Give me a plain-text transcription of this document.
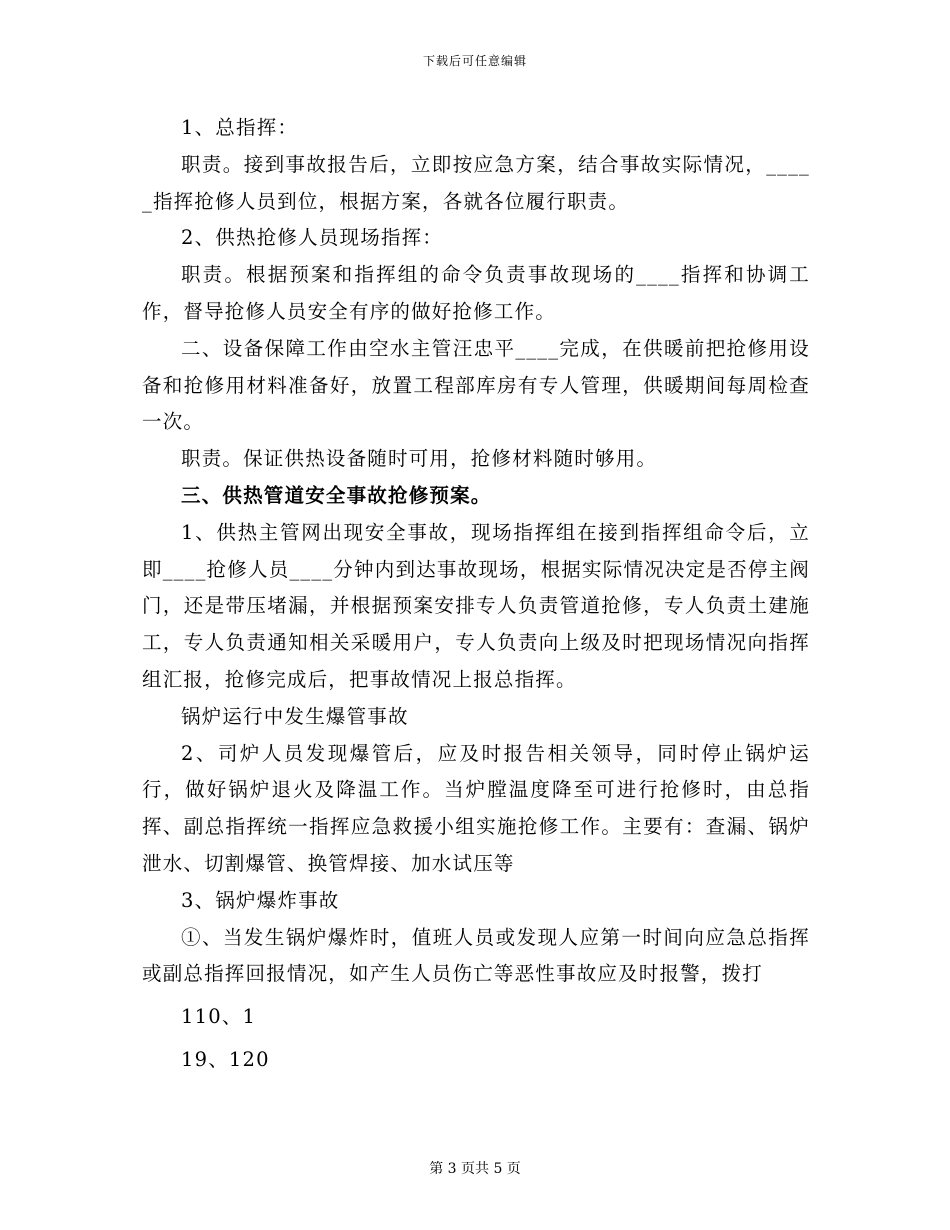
下载后可任意编辑

1、总指挥：

职责。接到事故报告后，立即按应急方案，结合事故实际情况，_____指挥抢修人员到位，根据方案，各就各位履行职责。

2、供热抢修人员现场指挥：

职责。根据预案和指挥组的命令负责事故现场的____指挥和协调工作，督导抢修人员安全有序的做好抢修工作。

二、设备保障工作由空水主管汪忠平____完成，在供暖前把抢修用设备和抢修用材料准备好，放置工程部库房有专人管理，供暖期间每周检查一次。

职责。保证供热设备随时可用，抢修材料随时够用。

三、供热管道安全事故抢修预案。

1、供热主管网出现安全事故，现场指挥组在接到指挥组命令后，立即____抢修人员____分钟内到达事故现场，根据实际情况决定是否停主阀门，还是带压堵漏，并根据预案安排专人负责管道抢修，专人负责土建施工，专人负责通知相关采暖用户，专人负责向上级及时把现场情况向指挥组汇报，抢修完成后，把事故情况上报总指挥。

锅炉运行中发生爆管事故

2、司炉人员发现爆管后，应及时报告相关领导，同时停止锅炉运行，做好锅炉退火及降温工作。当炉膛温度降至可进行抢修时，由总指挥、副总指挥统一指挥应急救援小组实施抢修工作。主要有：查漏、锅炉泄水、切割爆管、换管焊接、加水试压等

3、锅炉爆炸事故

①、当发生锅炉爆炸时，值班人员或发现人应第一时间向应急总指挥或副总指挥回报情况，如产生人员伤亡等恶性事故应及时报警，拨打

110、1

19、120

第 3 页共 5 页
